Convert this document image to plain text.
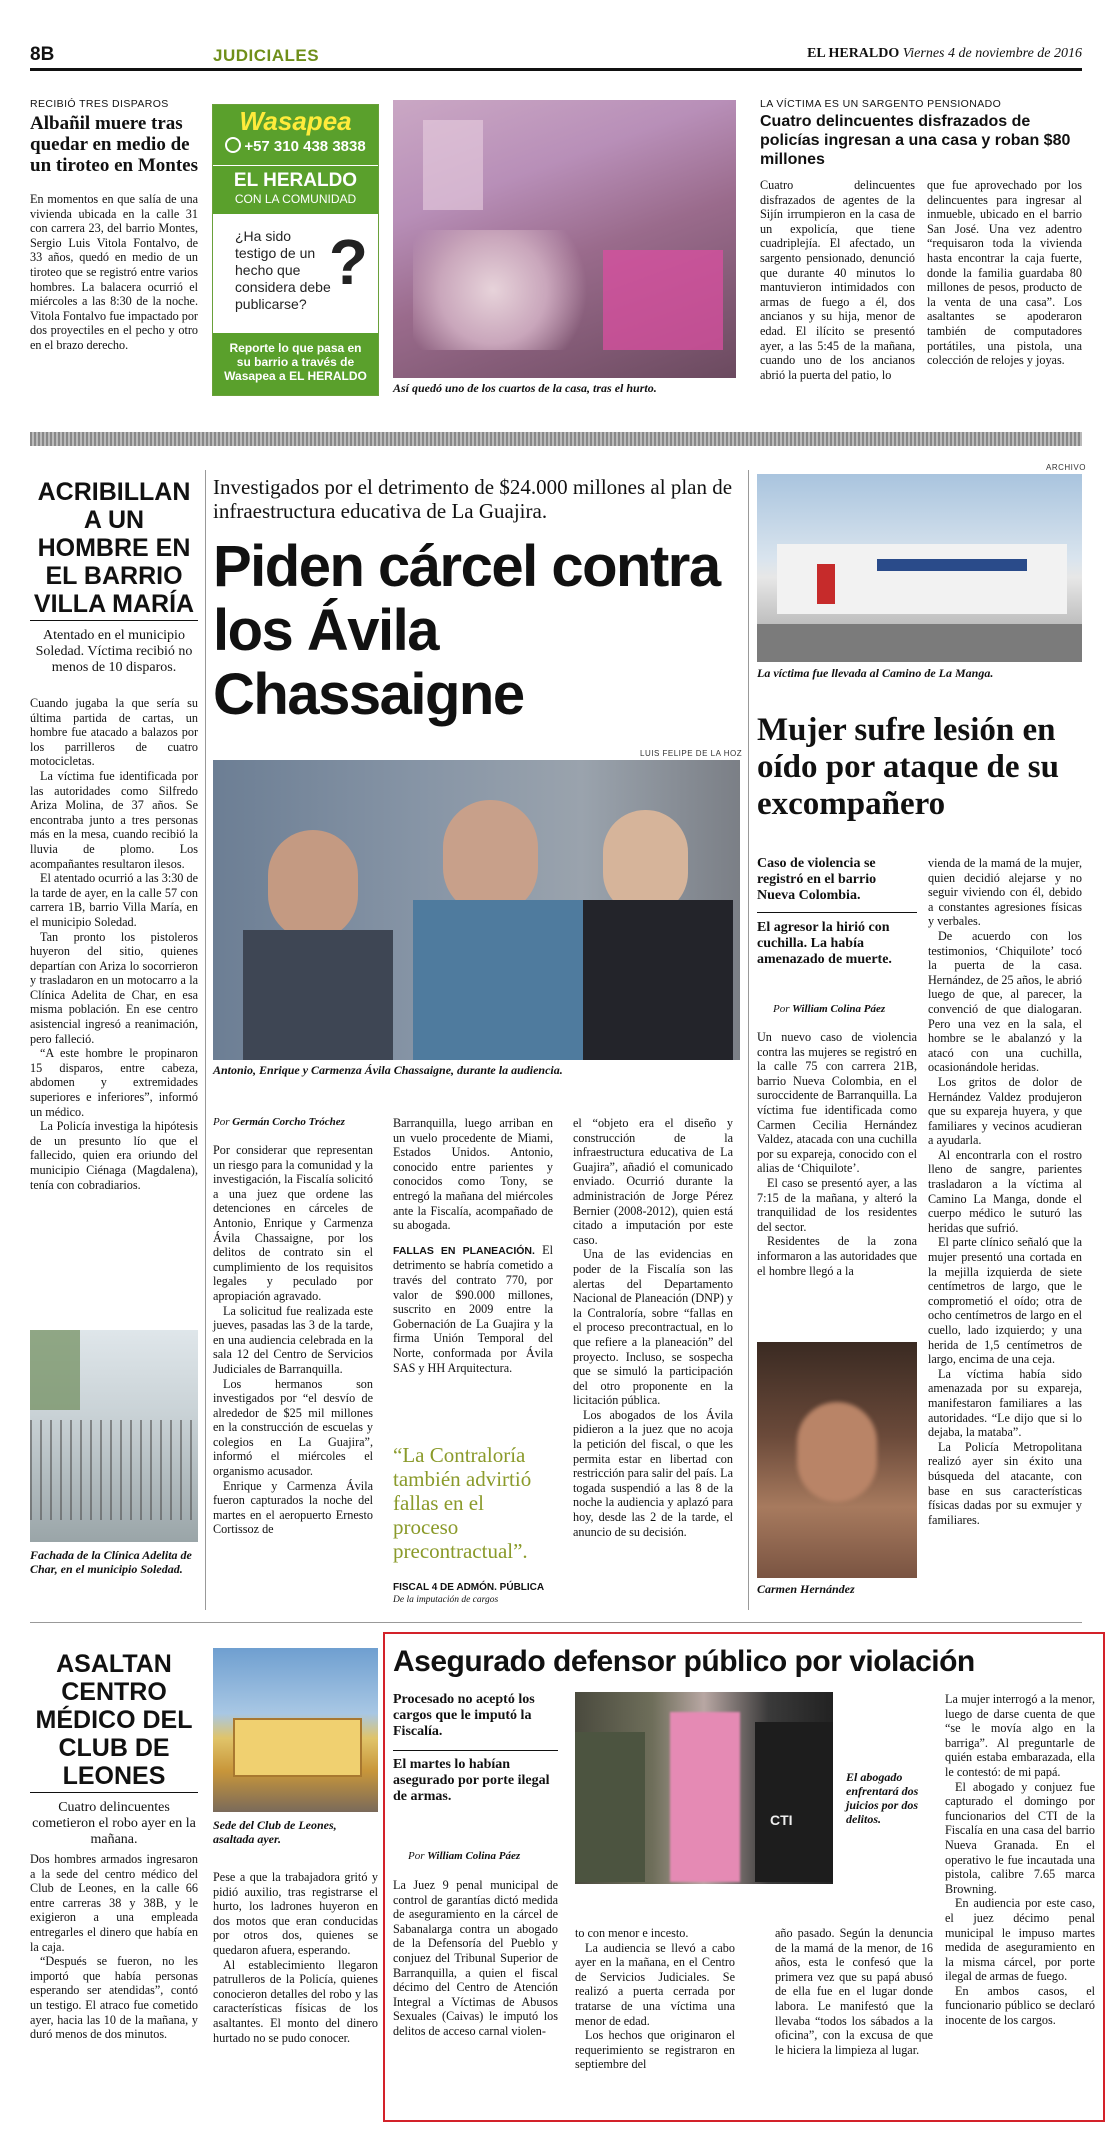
8B	JUDICIALES	EL HERALDO Viernes 4 de noviembre de 2016
RECIBIÓ TRES DISPAROS
Albañil muere tras quedar en medio de un tiroteo en Montes
En momentos en que salía de una vivienda ubicada en la calle 31 con carrera 23, del barrio Montes, Sergio Luis Vitola Fontalvo, de 33 años, quedó en medio de un tiroteo que se registró entre varios hombres. La balacera ocurrió el miércoles a las 8:30 de la noche. Vitola Fontalvo fue impactado por dos proyectiles en el pecho y otro en el brazo derecho.
Wasapea
+57 310 438 3838
EL HERALDO
CON LA COMUNIDAD
¿Ha sido testigo de un hecho que considera debe publicarse?
?
Reporte lo que pasa en su barrio a través de Wasapea a EL HERALDO
Así quedó uno de los cuartos de la casa, tras el hurto.
LA VÍCTIMA ES UN SARGENTO PENSIONADO
Cuatro delincuentes disfrazados de policías ingresan a una casa y roban $80 millones
Cuatro delincuentes disfrazados de agentes de la Sijín irrumpieron en la casa de un expolicía, que tiene cuadriplejía. El afectado, un sargento pensionado, denunció que durante 40 minutos lo mantuvieron intimidados con armas de fuego a él, dos ancianos y su hija, menor de edad. El ilícito se presentó ayer, a las 5:45 de la mañana, cuando uno de los ancianos abrió la puerta del patio, lo
que fue aprovechado por los delincuentes para ingresar al inmueble, ubicado en el barrio San José. Una vez adentro “requisaron toda la vivienda hasta encontrar la caja fuerte, donde la familia guardaba 80 millones de pesos, producto de la venta de una casa”. Los asaltantes se apoderaron también de computadores portátiles, una pistola, una colección de relojes y joyas.
ACRIBILLAN A UN HOMBRE EN EL BARRIO VILLA MARÍA
Atentado en el municipio Soledad. Víctima recibió no menos de 10 disparos.

Cuando jugaba la que sería su última partida de cartas, un hombre fue atacado a balazos por los parrilleros de cuatro motocicletas.

La víctima fue identificada por las autoridades como Silfredo Ariza Molina, de 37 años. Se encontraba junto a tres personas más en la mesa, cuando recibió la lluvia de plomo. Los acompañantes resultaron ilesos.

El atentado ocurrió a las 3:30 de la tarde de ayer, en la calle 57 con carrera 1B, barrio Villa María, en el municipio Soledad.

Tan pronto los pistoleros huyeron del sitio, quienes departían con Ariza lo socorrieron y trasladaron en un motocarro a la Clínica Adelita de Char, en esa misma población. En ese centro asistencial ingresó a reanimación, pero falleció.

“A este hombre le propinaron 15 disparos, entre cabeza, abdomen y extremidades superiores e inferiores”, informó un médico.

La Policía investiga la hipótesis de un presunto lío que el fallecido, quien era oriundo del municipio Ciénaga (Magdalena), tenía con cobradiarios.

Fachada de la Clínica Adelita de Char, en el municipio Soledad.
Investigados por el detrimento de $24.000 millones al plan de infraestructura educativa de La Guajira.
Piden cárcel contra los Ávila Chassaigne
LUIS FELIPE DE LA HOZ
Antonio, Enrique y Carmenza Ávila Chassaigne, durante la audiencia.
Por Germán Corcho Tróchez

Por considerar que representan un riesgo para la comunidad y la investigación, la Fiscalía solicitó a una juez que ordene las detenciones en cárceles de Antonio, Enrique y Carmenza Ávila Chassaigne, por los delitos de contrato sin el cumplimiento de los requisitos legales y peculado por apropiación agravado.

La solicitud fue realizada este jueves, pasadas las 3 de la tarde, en una audiencia celebrada en la sala 12 del Centro de Servicios Judiciales de Barranquilla.

Los hermanos son investigados por “el desvío de alrededor de $25 mil millones en la construcción de escuelas y colegios en La Guajira”, informó el miércoles el organismo acusador.

Enrique y Carmenza Ávila fueron capturados la noche del martes en el aeropuerto Ernesto Cortissoz de

Barranquilla, luego arriban en un vuelo procedente de Miami, Estados Unidos. Antonio, conocido entre parientes y conocidos como Tony, se entregó la mañana del miércoles ante la Fiscalía, acompañado de su abogada.

FALLAS EN PLANEACIÓN. El detrimento se habría cometido a través del contrato 770, por valor de $90.000 millones, suscrito en 2009 entre la Gobernación de La Guajira y la firma Unión Temporal del Norte, conformada por Ávila SAS y HH Arquitectura.

“La Contraloría también advirtió fallas en el proceso precontractual”.
FISCAL 4 DE ADMÓN. PÚBLICA
De la imputación de cargos

el “objeto era el diseño y construcción de la infraestructura educativa de La Guajira”, añadió el comunicado enviado. Ocurrió durante la administración de Jorge Pérez Bernier (2008-2012), quien está citado a imputación por este caso.

Una de las evidencias en poder de la Fiscalía son las alertas del Departamento Nacional de Planeación (DNP) y la Contraloría, sobre “fallas en el proceso precontractual, en lo que refiere a la planeación” del proyecto. Incluso, se sospecha que se simuló la participación del otro proponente en la licitación pública.

Los abogados de los Ávila pidieron a la juez que no acoja la petición del fiscal, o que les permita estar en libertad con restricción para salir del país. La togada suspendió a las 8 de la noche la audiencia y aplazó para hoy, desde las 2 de la tarde, el anuncio de su decisión.

ARCHIVO
La víctima fue llevada al Camino de La Manga.
Mujer sufre lesión en oído por ataque de su excompañero
Caso de violencia se registró en el barrio Nueva Colombia.
El agresor la hirió con cuchilla. La había amenazado de muerte.
Por William Colina Páez

Un nuevo caso de violencia contra las mujeres se registró en la calle 75 con carrera 21B, barrio Nueva Colombia, en el suroccidente de Barranquilla. La víctima fue identificada como Carmen Cecilia Hernández Valdez, atacada con una cuchilla por su expareja, conocido con el alias de ‘Chiquilote’.

El caso se presentó ayer, a las 7:15 de la mañana, y alteró la tranquilidad de los residentes del sector.

Residentes de la zona informaron a las autoridades que el hombre llegó a la

Carmen Hernández

vienda de la mamá de la mujer, quien decidió alejarse y no seguir viviendo con él, debido a constantes agresiones físicas y verbales.

De acuerdo con los testimonios, ‘Chiquilote’ tocó la puerta de la casa. Hernández, de 25 años, le abrió luego de que, al parecer, la convenció de que dialogaran. Pero una vez en la sala, el hombre se le abalanzó y la atacó con una cuchilla, ocasionándole heridas.

Los gritos de dolor de Hernández Valdez produjeron que su expareja huyera, y que familiares y vecinos acudieran a ayudarla.

Al encontrarla con el rostro lleno de sangre, parientes trasladaron a la víctima al Camino La Manga, donde el cuerpo médico le suturó las heridas que sufrió.

El parte clínico señaló que la mujer presentó una cortada en la mejilla izquierda de siete centímetros de largo, que le comprometió el oído; otra de ocho centímetros de largo en el cuello, lado izquierdo; y una herida de 1,5 centímetros de largo, encima de una ceja.

La víctima había sido amenazada por su expareja, manifestaron familiares a las autoridades. “Le dijo que si lo dejaba, la mataba”.

La Policía Metropolitana realizó ayer sin éxito una búsqueda del atacante, con base en sus características físicas dadas por su exmujer y familiares.

ASALTAN CENTRO MÉDICO DEL CLUB DE LEONES
Cuatro delincuentes cometieron el robo ayer en la mañana.

Dos hombres armados ingresaron a la sede del centro médico del Club de Leones, en la calle 66 entre carreras 38 y 38B, y le exigieron a una empleada entregarles el dinero que había en la caja.

“Después se fueron, no les importó que había personas esperando ser atendidas”, contó un testigo. El atraco fue cometido ayer, hacia las 10 de la mañana, y duró menos de dos minutos.

Sede del Club de Leones, asaltada ayer.

Pese a que la trabajadora gritó y pidió auxilio, tras registrarse el hurto, los ladrones huyeron en dos motos que eran conducidas por otros dos, quienes se quedaron afuera, esperando.

Al establecimiento llegaron patrulleros de la Policía, quienes conocieron detalles del robo y las características físicas de los asaltantes. El monto del dinero hurtado no se pudo conocer.

Asegurado defensor público por violación
Procesado no aceptó los cargos que le imputó la Fiscalía.
El martes lo habían asegurado por porte ilegal de armas.
Por William Colina Páez
La Juez 9 penal municipal de control de garantías dictó medida de aseguramiento en la cárcel de Sabanalarga contra un abogado de la Defensoría del Pueblo y conjuez del Tribunal Superior de Barranquilla, a quien el fiscal décimo del Centro de Atención Integral a Víctimas de Abusos Sexuales (Caivas) le imputó los delitos de acceso carnal violen-
CTI
El abogado enfrentará dos juicios por dos delitos.

to con menor e incesto.

La audiencia se llevó a cabo ayer en la mañana, en el Centro de Servicios Judiciales. Se realizó a puerta cerrada por tratarse de una víctima una menor de edad.

Los hechos que originaron el requerimiento se registraron en septiembre del

año pasado. Según la denuncia de la mamá de la menor, de 16 años, esta le confesó que la primera vez que su papá abusó de ella fue en el lugar donde labora. Le manifestó que la llevaba “todos los sábados a la oficina”, con la excusa de que le hiciera la limpieza al lugar.

La mujer interrogó a la menor, luego de darse cuenta de que “se le movía algo en la barriga”. Al preguntarle de quién estaba embarazada, ella le contestó: de mi papá.

El abogado y conjuez fue capturado el domingo por funcionarios del CTI de la Fiscalía en una casa del barrio Nueva Granada. En el operativo le fue incautada una pistola, calibre 7.65 marca Browning.

En audiencia por este caso, el juez décimo penal municipal le impuso martes medida de aseguramiento en la misma cárcel, por porte ilegal de armas de fuego.

En ambos casos, el funcionario público se declaró inocente de los cargos.
